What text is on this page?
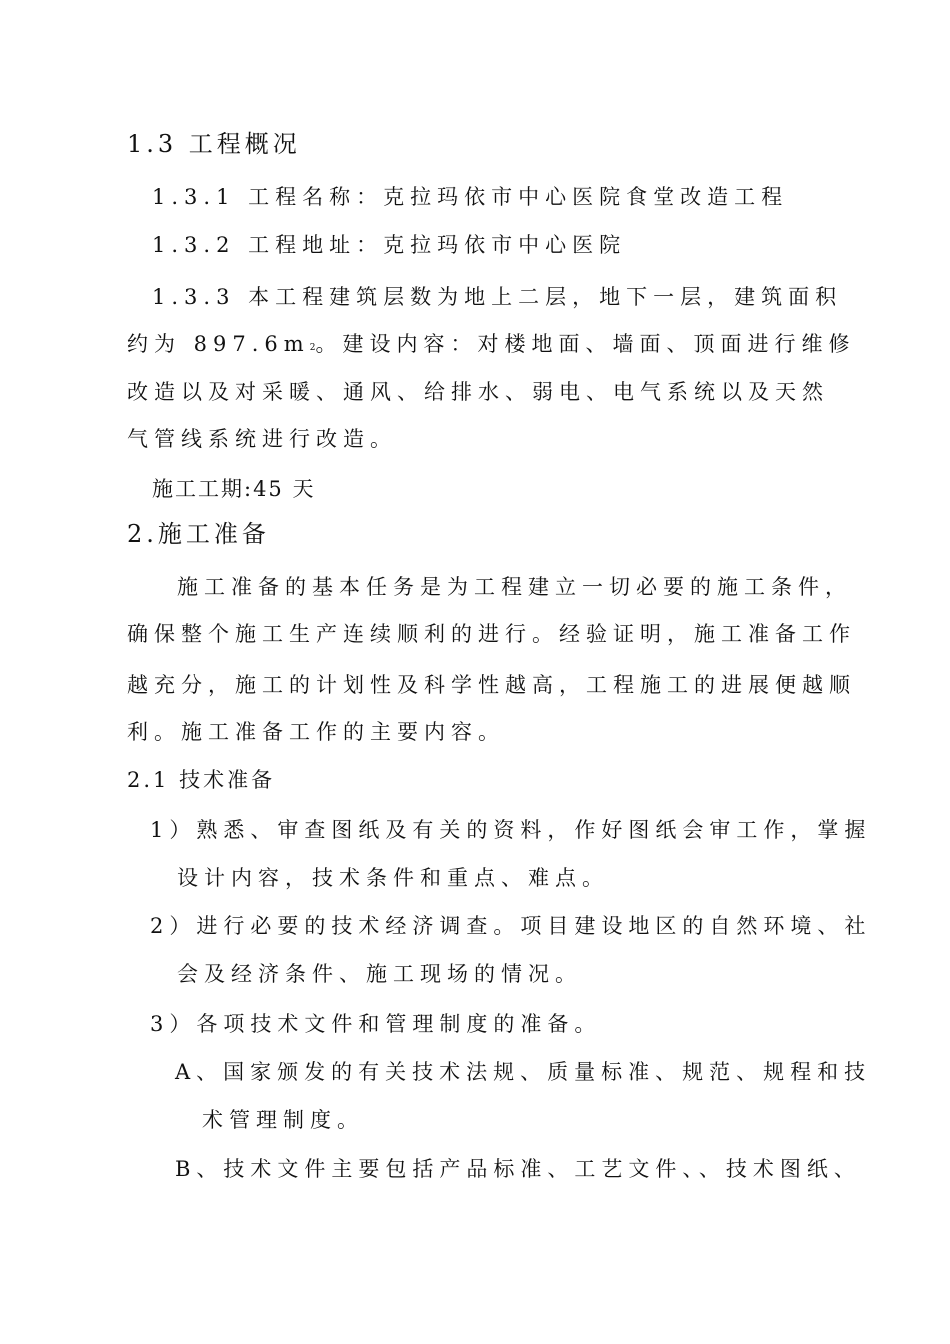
1.3 工程概况
1.3.1 工程名称：克拉玛依市中心医院食堂改造工程
1.3.2 工程地址：克拉玛依市中心医院
1.3.3 本工程建筑层数为地上二层，地下一层，建筑面积
约为 897.6m2。建设内容：对楼地面、墙面、顶面进行维修
改造以及对采暖、通风、给排水、弱电、电气系统以及天然
气管线系统进行改造。
施工工期:45 天
2.施工准备
施工准备的基本任务是为工程建立一切必要的施工条件，
确保整个施工生产连续顺利的进行。经验证明，施工准备工作
越充分，施工的计划性及科学性越高，工程施工的进展便越顺
利。施工准备工作的主要内容。
2.1 技术准备
1）熟悉、审查图纸及有关的资料，作好图纸会审工作，掌握
设计内容，技术条件和重点、难点。
2）进行必要的技术经济调查。项目建设地区的自然环境、社
会及经济条件、施工现场的情况。
3）各项技术文件和管理制度的准备。
A、国家颁发的有关技术法规、质量标准、规范、规程和技
术管理制度。
B、技术文件主要包括产品标准、工艺文件、、技术图纸、
